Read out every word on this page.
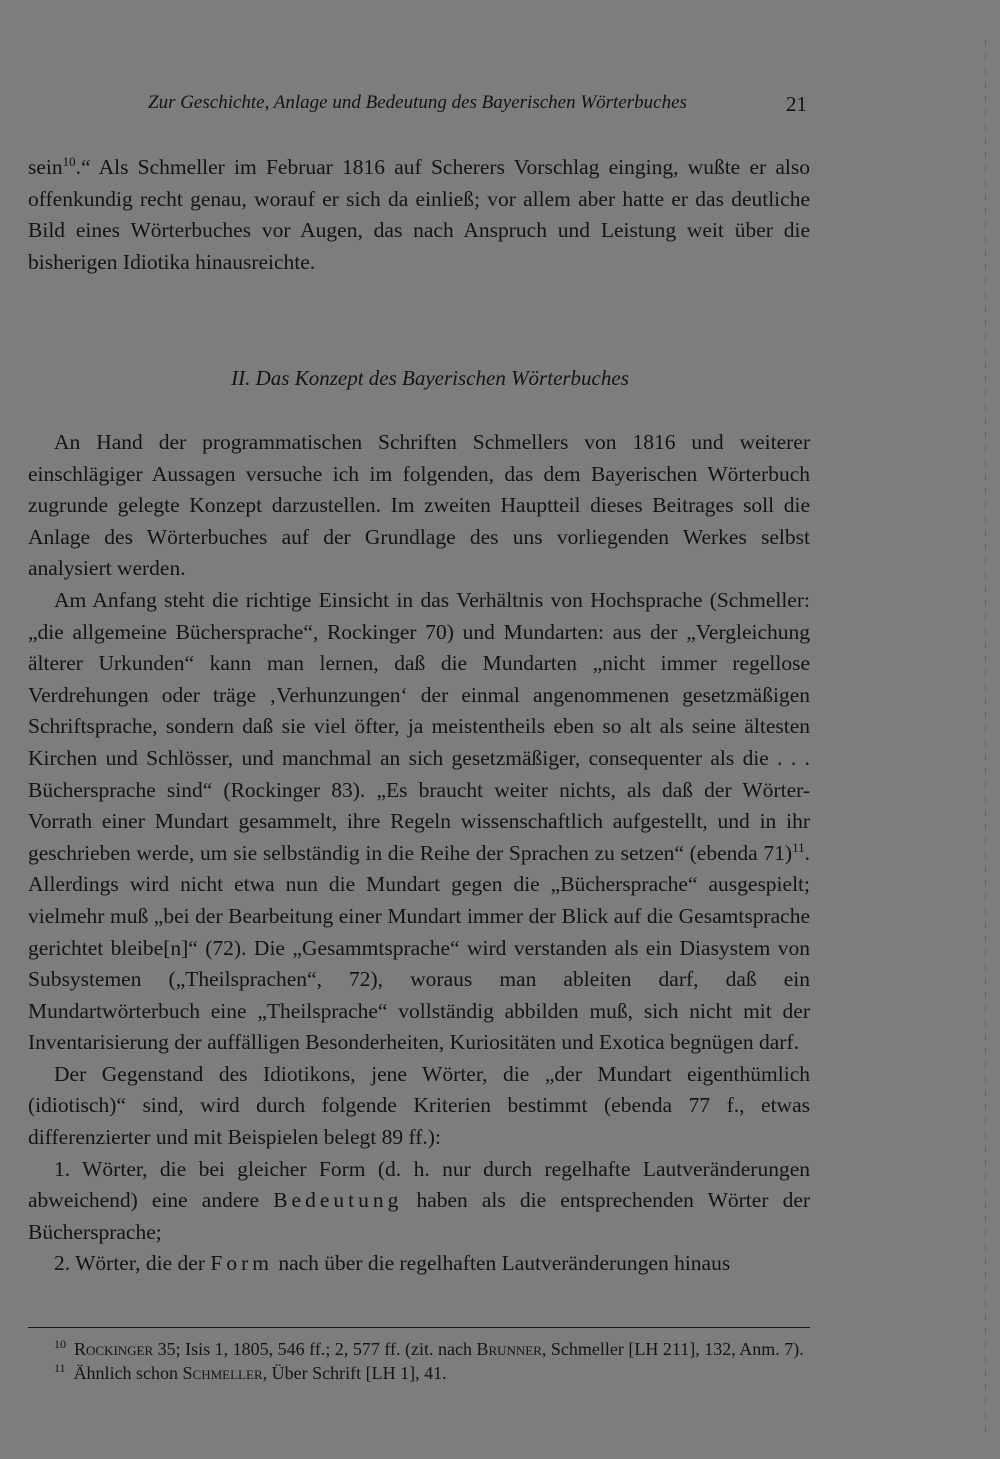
Zur Geschichte, Anlage und Bedeutung des Bayerischen Wörterbuches	21

sein$^{10}$.“ Als Schmeller im Februar 1816 auf Scherers Vorschlag einging, wußte er also offenkundig recht genau, worauf er sich da einließ; vor allem aber hatte er das deutliche Bild eines Wörterbuches vor Augen, das nach Anspruch und Leistung weit über die bisherigen Idiotika hinausreichte.

II. Das Konzept des Bayerischen Wörterbuches

An Hand der programmatischen Schriften Schmellers von 1816 und weiterer einschlägiger Aussagen versuche ich im folgenden, das dem Bayerischen Wörterbuch zugrunde gelegte Konzept darzustellen. Im zweiten Hauptteil dieses Beitrages soll die Anlage des Wörterbuches auf der Grundlage des uns vorliegenden Werkes selbst analysiert werden.

Am Anfang steht die richtige Einsicht in das Verhältnis von Hochsprache (Schmeller: „die allgemeine Büchersprache“, Rockinger 70) und Mundarten: aus der „Vergleichung älterer Urkunden“ kann man lernen, daß die Mundarten „nicht immer regellose Verdrehungen oder träge ‚Verhunzungen‘ der einmal angenommenen gesetzmäßigen Schriftsprache, sondern daß sie viel öfter, ja meistentheils eben so alt als seine ältesten Kirchen und Schlösser, und manchmal an sich gesetzmäßiger, consequenter als die . . . Büchersprache sind“ (Rockinger 83). „Es braucht weiter nichts, als daß der Wörter-Vorrath einer Mundart gesammelt, ihre Regeln wissenschaftlich aufgestellt, und in ihr geschrieben werde, um sie selbständig in die Reihe der Sprachen zu setzen“ (ebenda 71)$^{11}$. Allerdings wird nicht etwa nun die Mundart gegen die „Büchersprache“ ausgespielt; vielmehr muß „bei der Bearbeitung einer Mundart immer der Blick auf die Gesamtsprache gerichtet bleibe[n]“ (72). Die „Gesammtsprache“ wird verstanden als ein Diasystem von Subsystemen („Theilsprachen“, 72), woraus man ableiten darf, daß ein Mundartwörterbuch eine „Theilsprache“ vollständig abbilden muß, sich nicht mit der Inventarisierung der auffälligen Besonderheiten, Kuriositäten und Exotica begnügen darf.

Der Gegenstand des Idiotikons, jene Wörter, die „der Mundart eigenthümlich (idiotisch)“ sind, wird durch folgende Kriterien bestimmt (ebenda 77 f., etwas differenzierter und mit Beispielen belegt 89 ff.):

1. Wörter, die bei gleicher Form (d. h. nur durch regelhafte Lautveränderungen abweichend) eine andere Bedeutung haben als die entsprechenden Wörter der Büchersprache;

2. Wörter, die der Form nach über die regelhaften Lautveränderungen hinaus

$^{10}$ Rockinger 35; Isis 1, 1805, 546 ff.; 2, 577 ff. (zit. nach Brunner, Schmeller [LH 211], 132, Anm. 7).

$^{11}$ Ähnlich schon Schmeller, Über Schrift [LH 1], 41.
